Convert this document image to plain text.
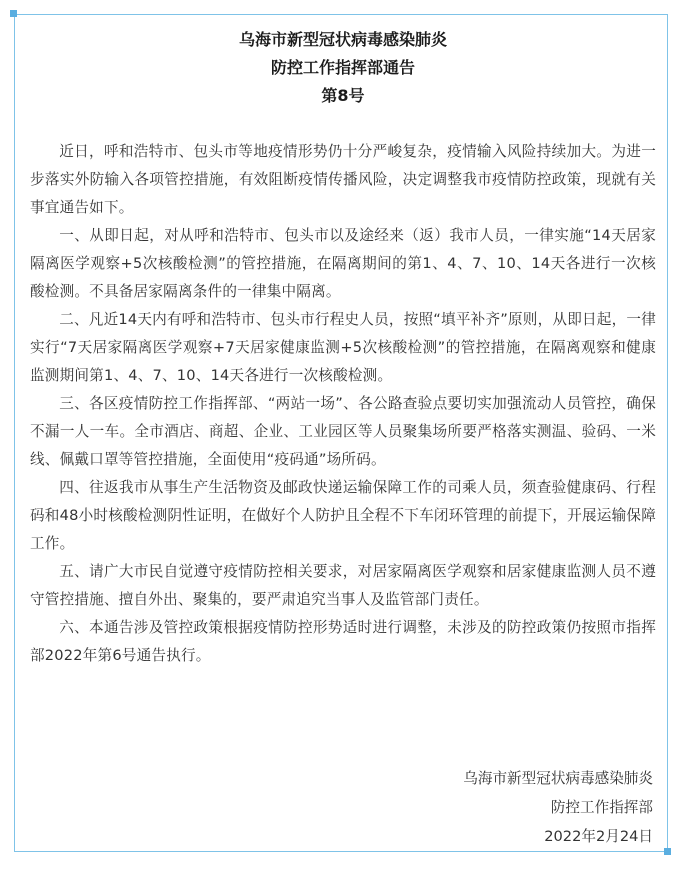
乌海市新型冠状病毒感染肺炎

防控工作指挥部通告

第8号

近日，呼和浩特市、包头市等地疫情形势仍十分严峻复杂，疫情输入风险持续加大。为进一步落实外防输入各项管控措施，有效阻断疫情传播风险，决定调整我市疫情防控政策，现就有关事宜通告如下。

一、从即日起，对从呼和浩特市、包头市以及途经来（返）我市人员，一律实施“14天居家隔离医学观察+5次核酸检测”的管控措施，在隔离期间的第1、4、7、10、14天各进行一次核酸检测。不具备居家隔离条件的一律集中隔离。

二、凡近14天内有呼和浩特市、包头市行程史人员，按照“填平补齐”原则，从即日起，一律实行“7天居家隔离医学观察+7天居家健康监测+5次核酸检测”的管控措施，在隔离观察和健康监测期间第1、4、7、10、14天各进行一次核酸检测。

三、各区疫情防控工作指挥部、“两站一场”、各公路查验点要切实加强流动人员管控，确保不漏一人一车。全市酒店、商超、企业、工业园区等人员聚集场所要严格落实测温、验码、一米线、佩戴口罩等管控措施，全面使用“疫码通”场所码。

四、往返我市从事生产生活物资及邮政快递运输保障工作的司乘人员，须查验健康码、行程码和48小时核酸检测阴性证明，在做好个人防护且全程不下车闭环管理的前提下，开展运输保障工作。

五、请广大市民自觉遵守疫情防控相关要求，对居家隔离医学观察和居家健康监测人员不遵守管控措施、擅自外出、聚集的，要严肃追究当事人及监管部门责任。

六、本通告涉及管控政策根据疫情防控形势适时进行调整，未涉及的防控政策仍按照市指挥部2022年第6号通告执行。

乌海市新型冠状病毒感染肺炎
防控工作指挥部
2022年2月24日
